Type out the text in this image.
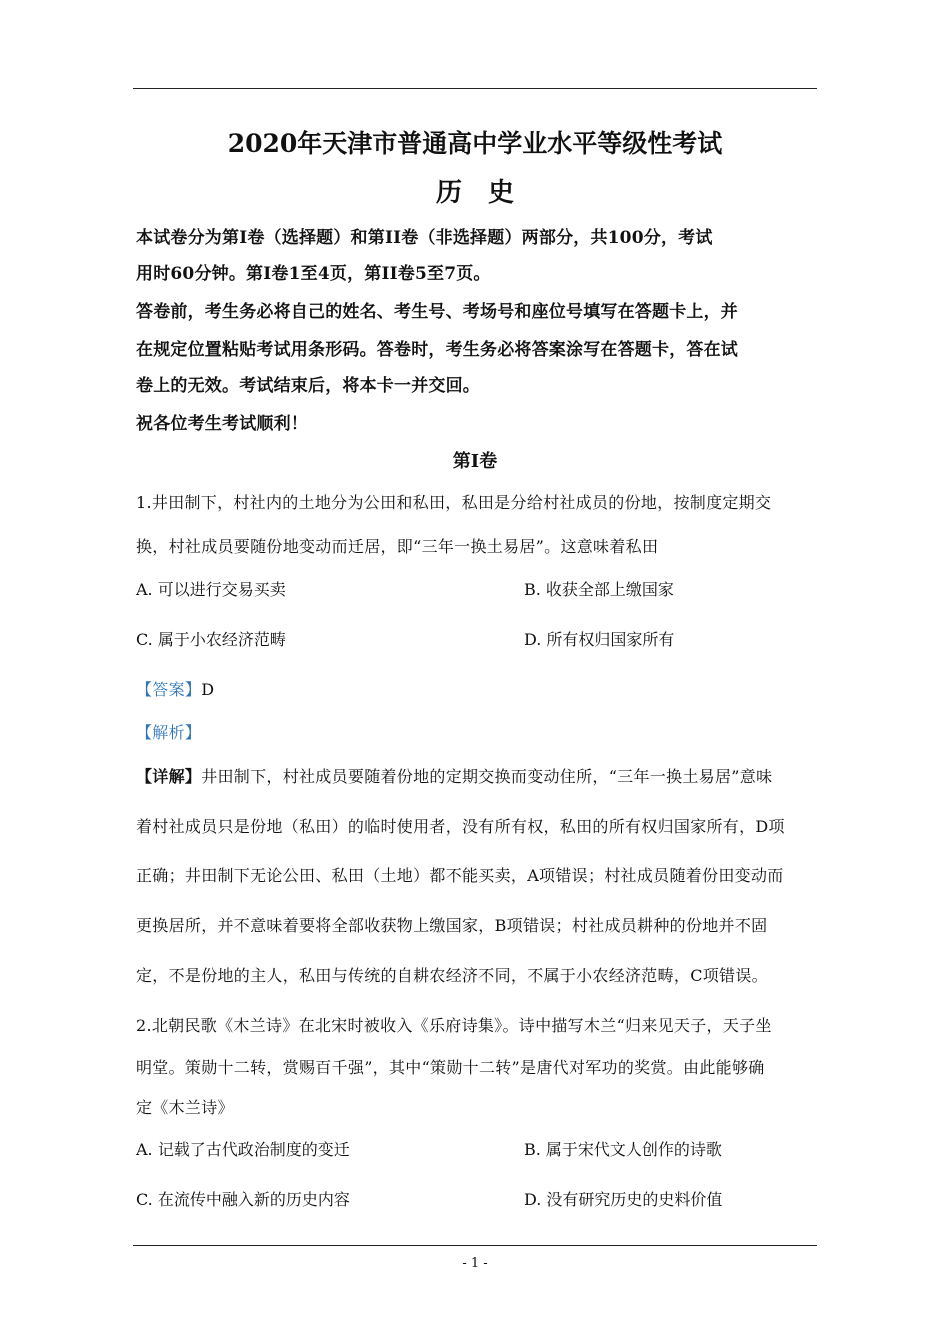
2020年天津市普通高中学业水平等级性考试
历　史
本试卷分为第Ⅰ卷（选择题）和第II卷（非选择题）两部分，共100分，考试
用时60分钟。第Ⅰ卷1至4页，第II卷5至7页。
答卷前，考生务必将自己的姓名、考生号、考场号和座位号填写在答题卡上，并
在规定位置粘贴考试用条形码。答卷时，考生务必将答案涂写在答题卡，答在试
卷上的无效。考试结束后，将本卡一并交回。
祝各位考生考试顺利！
第Ⅰ卷
1.井田制下，村社内的土地分为公田和私田，私田是分给村社成员的份地，按制度定期交
换，村社成员要随份地变动而迁居，即“三年一换土易居”。这意味着私田
A. 可以进行交易买卖	B. 收获全部上缴国家
C. 属于小农经济范畴	D. 所有权归国家所有
【答案】D
【解析】
【详解】井田制下，村社成员要随着份地的定期交换而变动住所，“三年一换土易居”意味
着村社成员只是份地（私田）的临时使用者，没有所有权，私田的所有权归国家所有，D项
正确；井田制下无论公田、私田（土地）都不能买卖，A项错误；村社成员随着份田变动而
更换居所，并不意味着要将全部收获物上缴国家，B项错误；村社成员耕种的份地并不固
定，不是份地的主人，私田与传统的自耕农经济不同，不属于小农经济范畴，C项错误。
2.北朝民歌《木兰诗》在北宋时被收入《乐府诗集》。诗中描写木兰“归来见天子，天子坐
明堂。策勋十二转，赏赐百千强”，其中“策勋十二转”是唐代对军功的奖赏。由此能够确
定《木兰诗》
A. 记载了古代政治制度的变迁	B. 属于宋代文人创作的诗歌
C. 在流传中融入新的历史内容	D. 没有研究历史的史料价值
- 1 -
